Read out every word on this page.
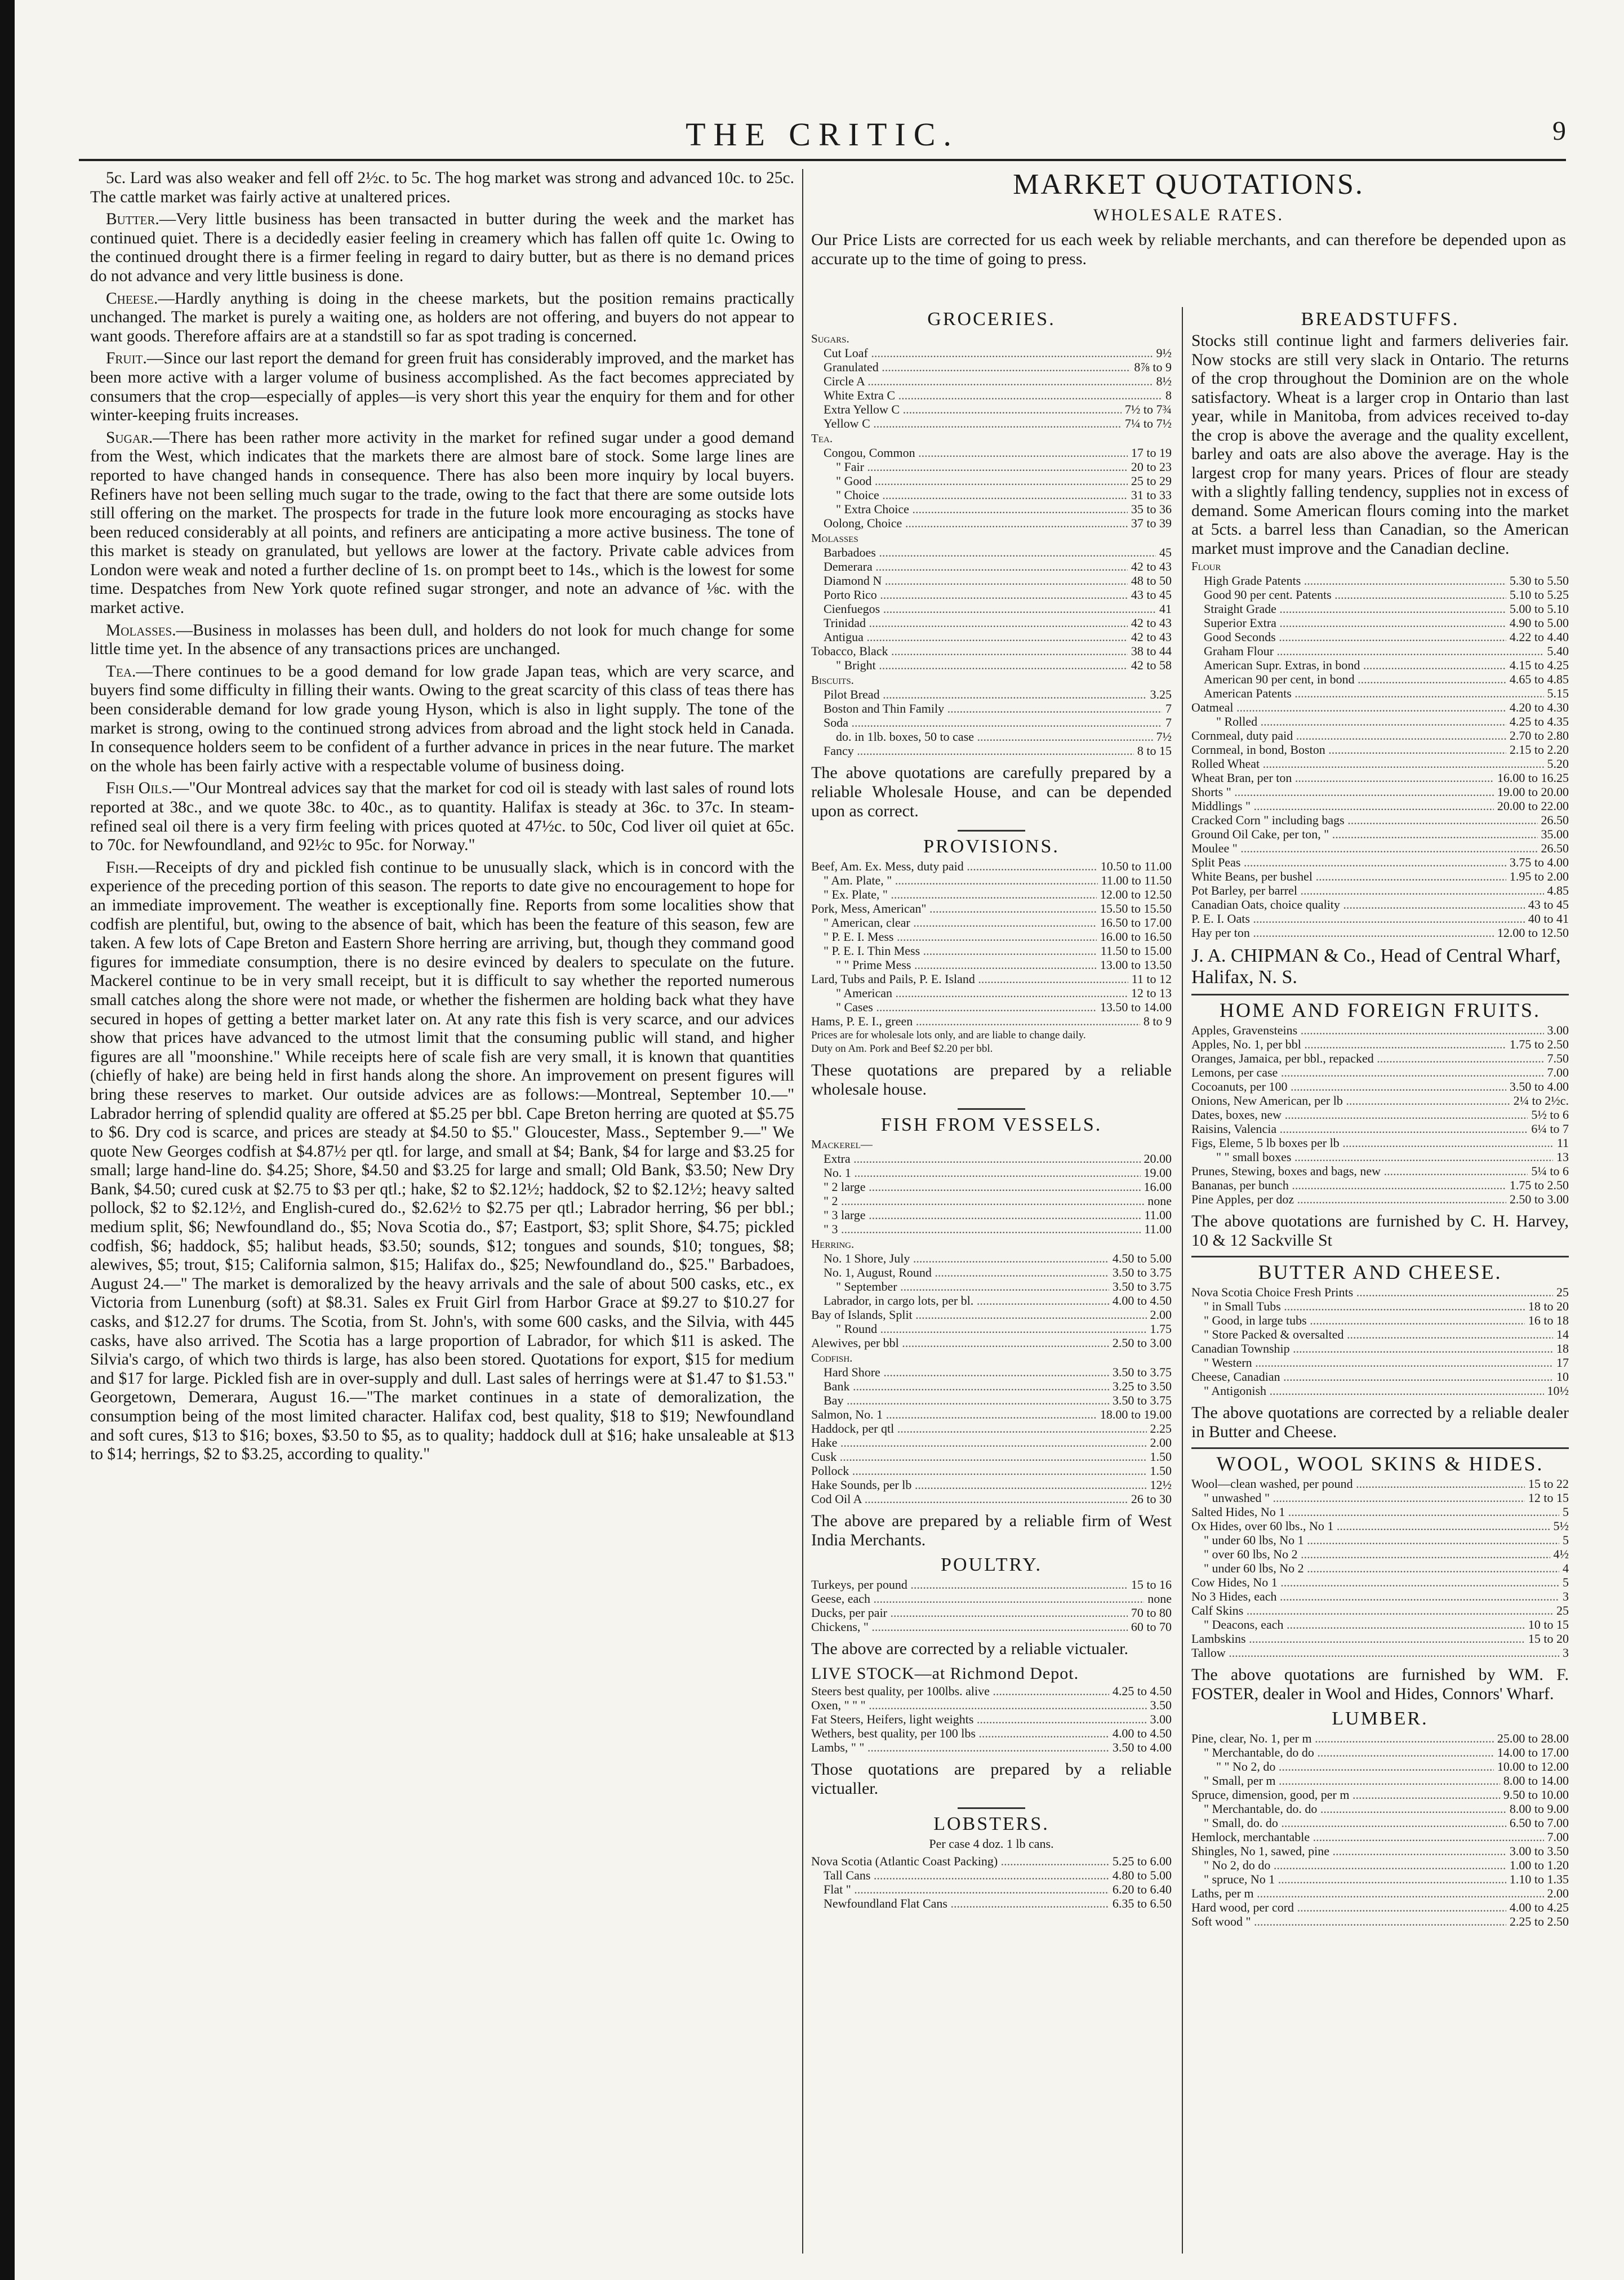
THE CRITIC.	9

5c. Lard was also weaker and fell off 2½c. to 5c. The hog market was strong and advanced 10c. to 25c. The cattle market was fairly active at unaltered prices.

Butter.—Very little business has been transacted in butter during the week and the market has continued quiet. There is a decidedly easier feeling in creamery which has fallen off quite 1c. Owing to the continued drought there is a firmer feeling in regard to dairy butter, but as there is no demand prices do not advance and very little business is done.

Cheese.—Hardly anything is doing in the cheese markets, but the position remains practically unchanged. The market is purely a waiting one, as holders are not offering, and buyers do not appear to want goods. Therefore affairs are at a standstill so far as spot trading is concerned.

Fruit.—Since our last report the demand for green fruit has considerably improved, and the market has been more active with a larger volume of business accomplished. As the fact becomes appreciated by consumers that the crop—especially of apples—is very short this year the enquiry for them and for other winter-keeping fruits increases.

Sugar.—There has been rather more activity in the market for refined sugar under a good demand from the West, which indicates that the markets there are almost bare of stock. Some large lines are reported to have changed hands in consequence. There has also been more inquiry by local buyers. Refiners have not been selling much sugar to the trade, owing to the fact that there are some outside lots still offering on the market. The prospects for trade in the future look more encouraging as stocks have been reduced considerably at all points, and refiners are anticipating a more active business. The tone of this market is steady on granulated, but yellows are lower at the factory. Private cable advices from London were weak and noted a further decline of 1s. on prompt beet to 14s., which is the lowest for some time. Despatches from New York quote refined sugar stronger, and note an advance of ⅛c. with the market active.

Molasses.—Business in molasses has been dull, and holders do not look for much change for some little time yet. In the absence of any transactions prices are unchanged.

Tea.—There continues to be a good demand for low grade Japan teas, which are very scarce, and buyers find some difficulty in filling their wants. Owing to the great scarcity of this class of teas there has been considerable demand for low grade young Hyson, which is also in light supply. The tone of the market is strong, owing to the continued strong advices from abroad and the light stock held in Canada. In consequence holders seem to be confident of a further advance in prices in the near future. The market on the whole has been fairly active with a respectable volume of business doing.

Fish Oils.—"Our Montreal advices say that the market for cod oil is steady with last sales of round lots reported at 38c., and we quote 38c. to 40c., as to quantity. Halifax is steady at 36c. to 37c. In steam-refined seal oil there is a very firm feeling with prices quoted at 47½c. to 50c, Cod liver oil quiet at 65c. to 70c. for Newfoundland, and 92½c to 95c. for Norway."

Fish.—Receipts of dry and pickled fish continue to be unusually slack, which is in concord with the experience of the preceding portion of this season. The reports to date give no encouragement to hope for an immediate improvement. The weather is exceptionally fine. Reports from some localities show that codfish are plentiful, but, owing to the absence of bait, which has been the feature of this season, few are taken. A few lots of Cape Breton and Eastern Shore herring are arriving, but, though they command good figures for immediate consumption, there is no desire evinced by dealers to speculate on the future. Mackerel continue to be in very small receipt, but it is difficult to say whether the reported numerous small catches along the shore were not made, or whether the fishermen are holding back what they have secured in hopes of getting a better market later on. At any rate this fish is very scarce, and our advices show that prices have advanced to the utmost limit that the consuming public will stand, and higher figures are all "moonshine." While receipts here of scale fish are very small, it is known that quantities (chiefly of hake) are being held in first hands along the shore. An improvement on present figures will bring these reserves to market. Our outside advices are as follows:—Montreal, September 10.—" Labrador herring of splendid quality are offered at $5.25 per bbl. Cape Breton herring are quoted at $5.75 to $6. Dry cod is scarce, and prices are steady at $4.50 to $5." Gloucester, Mass., September 9.—" We quote New Georges codfish at $4.87½ per qtl. for large, and small at $4; Bank, $4 for large and $3.25 for small; large hand-line do. $4.25; Shore, $4.50 and $3.25 for large and small; Old Bank, $3.50; New Dry Bank, $4.50; cured cusk at $2.75 to $3 per qtl.; hake, $2 to $2.12½; haddock, $2 to $2.12½; heavy salted pollock, $2 to $2.12½, and English-cured do., $2.62½ to $2.75 per qtl.; Labrador herring, $6 per bbl.; medium split, $6; Newfoundland do., $5; Nova Scotia do., $7; Eastport, $3; split Shore, $4.75; pickled codfish, $6; haddock, $5; halibut heads, $3.50; sounds, $12; tongues and sounds, $10; tongues, $8; alewives, $5; trout, $15; California salmon, $15; Halifax do., $25; Newfoundland do., $25." Barbadoes, August 24.—" The market is demoralized by the heavy arrivals and the sale of about 500 casks, etc., ex Victoria from Lunenburg (soft) at $8.31. Sales ex Fruit Girl from Harbor Grace at $9.27 to $10.27 for casks, and $12.27 for drums. The Scotia, from St. John's, with some 600 casks, and the Silvia, with 445 casks, have also arrived. The Scotia has a large proportion of Labrador, for which $11 is asked. The Silvia's cargo, of which two thirds is large, has also been stored. Quotations for export, $15 for medium and $17 for large. Pickled fish are in over-supply and dull. Last sales of herrings were at $1.47 to $1.53." Georgetown, Demerara, August 16.—"The market continues in a state of demoralization, the consumption being of the most limited character. Halifax cod, best quality, $18 to $19; Newfoundland and soft cures, $13 to $16; boxes, $3.50 to $5, as to quality; haddock dull at $16; hake unsaleable at $13 to $14; herrings, $2 to $3.25, according to quality."

MARKET QUOTATIONS.
WHOLESALE RATES.
Our Price Lists are corrected for us each week by reliable merchants, and can therefore be depended upon as accurate up to the time of going to press.
GROCERIES.
Sugars.
Cut Loaf .....	9½
Granulated .....	8⅞ to 9
Circle A .....	8½
White Extra C .....	8
Extra Yellow C .....	7½ to 7¾
Yellow C .....	7¼ to 7½
Tea.
Congou, Common .....	17 to 19
" Fair .....	20 to 23
" Good .....	25 to 29
" Choice .....	31 to 33
" Extra Choice .....	35 to 36
Oolong, Choice .....	37 to 39
Molasses
Barbadoes .....	45
Demerara .....	42 to 43
Diamond N .....	48 to 50
Porto Rico .....	43 to 45
Cienfuegos .....	41
Trinidad .....	42 to 43
Antigua .....	42 to 43
Tobacco, Black .....	38 to 44
" Bright .....	42 to 58
Biscuits.
Pilot Bread .....	3.25
Boston and Thin Family .....	7
Soda .....	7
do. in 1lb. boxes, 50 to case .....	7½
Fancy .....	8 to 15
The above quotations are carefully prepared by a reliable Wholesale House, and can be depended upon as correct.
PROVISIONS.
Beef, Am. Ex. Mess, duty paid .....	10.50 to 11.00
" Am. Plate, " .....	11.00 to 11.50
" Ex. Plate, " .....	12.00 to 12.50
Pork, Mess, American" .....	15.50 to 15.50
" American, clear .....	16.50 to 17.00
" P. E. I. Mess .....	16.00 to 16.50
" P. E. I. Thin Mess .....	11.50 to 15.00
" " Prime Mess .....	13.00 to 13.50
Lard, Tubs and Pails, P. E. Island .....	11 to 12
" American .....	12 to 13
" Cases .....	13.50 to 14.00
Hams, P. E. I., green .....	8 to 9
Prices are for wholesale lots only, and are liable to change daily.
Duty on Am. Pork and Beef $2.20 per bbl.
These quotations are prepared by a reliable wholesale house.
FISH FROM VESSELS.
Mackerel—
Extra .....	20.00
No. 1 .....	19.00
" 2 large .....	16.00
" 2 .....	none
" 3 large .....	11.00
" 3 .....	11.00
Herring.
No. 1 Shore, July .....	4.50 to 5.00
No. 1, August, Round .....	3.50 to 3.75
" September .....	3.50 to 3.75
Labrador, in cargo lots, per bl. .....	4.00 to 4.50
Bay of Islands, Split .....	2.00
" Round .....	1.75
Alewives, per bbl .....	2.50 to 3.00
Codfish.
Hard Shore .....	3.50 to 3.75
Bank .....	3.25 to 3.50
Bay .....	3.50 to 3.75
Salmon, No. 1 .....	18.00 to 19.00
Haddock, per qtl .....	2.25
Hake .....	2.00
Cusk .....	1.50
Pollock .....	1.50
Hake Sounds, per lb .....	12½
Cod Oil A .....	26 to 30
The above are prepared by a reliable firm of West India Merchants.
POULTRY.
Turkeys, per pound .....	15 to 16
Geese, each .....	none
Ducks, per pair .....	70 to 80
Chickens, " .....	60 to 70
The above are corrected by a reliable victualer.
LIVE STOCK—at Richmond Depot.
Steers best quality, per 100lbs. alive .....	4.25 to 4.50
Oxen, " " " .....	3.50
Fat Steers, Heifers, light weights .....	3.00
Wethers, best quality, per 100 lbs .....	4.00 to 4.50
Lambs, " " .....	3.50 to 4.00
Those quotations are prepared by a reliable victualler.
LOBSTERS.
Per case 4 doz. 1 lb cans.
Nova Scotia (Atlantic Coast Packing) .....	5.25 to 6.00
Tall Cans .....	4.80 to 5.00
Flat " .....	6.20 to 6.40
Newfoundland Flat Cans .....	6.35 to 6.50
BREADSTUFFS.
Stocks still continue light and farmers deliveries fair. Now stocks are still very slack in Ontario. The returns of the crop throughout the Dominion are on the whole satisfactory. Wheat is a larger crop in Ontario than last year, while in Manitoba, from advices received to-day the crop is above the average and the quality excellent, barley and oats are also above the average. Hay is the largest crop for many years. Prices of flour are steady with a slightly falling tendency, supplies not in excess of demand. Some American flours coming into the market at 5cts. a barrel less than Canadian, so the American market must improve and the Canadian decline.
Flour
High Grade Patents .....	5.30 to 5.50
Good 90 per cent. Patents .....	5.10 to 5.25
Straight Grade .....	5.00 to 5.10
Superior Extra .....	4.90 to 5.00
Good Seconds .....	4.22 to 4.40
Graham Flour .....	5.40
American Supr. Extras, in bond .....	4.15 to 4.25
American 90 per cent, in bond .....	4.65 to 4.85
American Patents .....	5.15
Oatmeal .....	4.20 to 4.30
" Rolled .....	4.25 to 4.35
Cornmeal, duty paid .....	2.70 to 2.80
Cornmeal, in bond, Boston .....	2.15 to 2.20
Rolled Wheat .....	5.20
Wheat Bran, per ton .....	16.00 to 16.25
Shorts " .....	19.00 to 20.00
Middlings " .....	20.00 to 22.00
Cracked Corn " including bags .....	26.50
Ground Oil Cake, per ton, " .....	35.00
Moulee " .....	26.50
Split Peas .....	3.75 to 4.00
White Beans, per bushel .....	1.95 to 2.00
Pot Barley, per barrel .....	4.85
Canadian Oats, choice quality .....	43 to 45
P. E. I. Oats .....	40 to 41
Hay per ton .....	12.00 to 12.50
J. A. CHIPMAN & Co., Head of Central Wharf, Halifax, N. S.
HOME AND FOREIGN FRUITS.
Apples, Gravensteins .....	3.00
Apples, No. 1, per bbl .....	1.75 to 2.50
Oranges, Jamaica, per bbl., repacked .....	7.50
Lemons, per case .....	7.00
Cocoanuts, per 100 .....	3.50 to 4.00
Onions, New American, per lb .....	2¼ to 2½c.
Dates, boxes, new .....	5½ to 6
Raisins, Valencia .....	6¼ to 7
Figs, Eleme, 5 lb boxes per lb .....	11
" " small boxes .....	13
Prunes, Stewing, boxes and bags, new .....	5¼ to 6
Bananas, per bunch .....	1.75 to 2.50
Pine Apples, per doz .....	2.50 to 3.00
The above quotations are furnished by C. H. Harvey, 10 & 12 Sackville St
BUTTER AND CHEESE.
Nova Scotia Choice Fresh Prints .....	25
" in Small Tubs .....	18 to 20
" Good, in large tubs .....	16 to 18
" Store Packed & oversalted .....	14
Canadian Township .....	18
" Western .....	17
Cheese, Canadian .....	10
" Antigonish .....	10½
The above quotations are corrected by a reliable dealer in Butter and Cheese.
WOOL, WOOL SKINS & HIDES.
Wool—clean washed, per pound .....	15 to 22
" unwashed " .....	12 to 15
Salted Hides, No 1 .....	5
Ox Hides, over 60 lbs., No 1 .....	5½
" under 60 lbs, No 1 .....	5
" over 60 lbs, No 2 .....	4½
" under 60 lbs, No 2 .....	4
Cow Hides, No 1 .....	5
No 3 Hides, each .....	3
Calf Skins .....	25
" Deacons, each .....	10 to 15
Lambskins .....	15 to 20
Tallow .....	3
The above quotations are furnished by WM. F. FOSTER, dealer in Wool and Hides, Connors' Wharf.
LUMBER.
Pine, clear, No. 1, per m .....	25.00 to 28.00
" Merchantable, do do .....	14.00 to 17.00
" " No 2, do .....	10.00 to 12.00
" Small, per m .....	8.00 to 14.00
Spruce, dimension, good, per m .....	9.50 to 10.00
" Merchantable, do. do .....	8.00 to 9.00
" Small, do. do .....	6.50 to 7.00
Hemlock, merchantable .....	7.00
Shingles, No 1, sawed, pine .....	3.00 to 3.50
" No 2, do do .....	1.00 to 1.20
" spruce, No 1 .....	1.10 to 1.35
Laths, per m .....	2.00
Hard wood, per cord .....	4.00 to 4.25
Soft wood " .....	2.25 to 2.50
